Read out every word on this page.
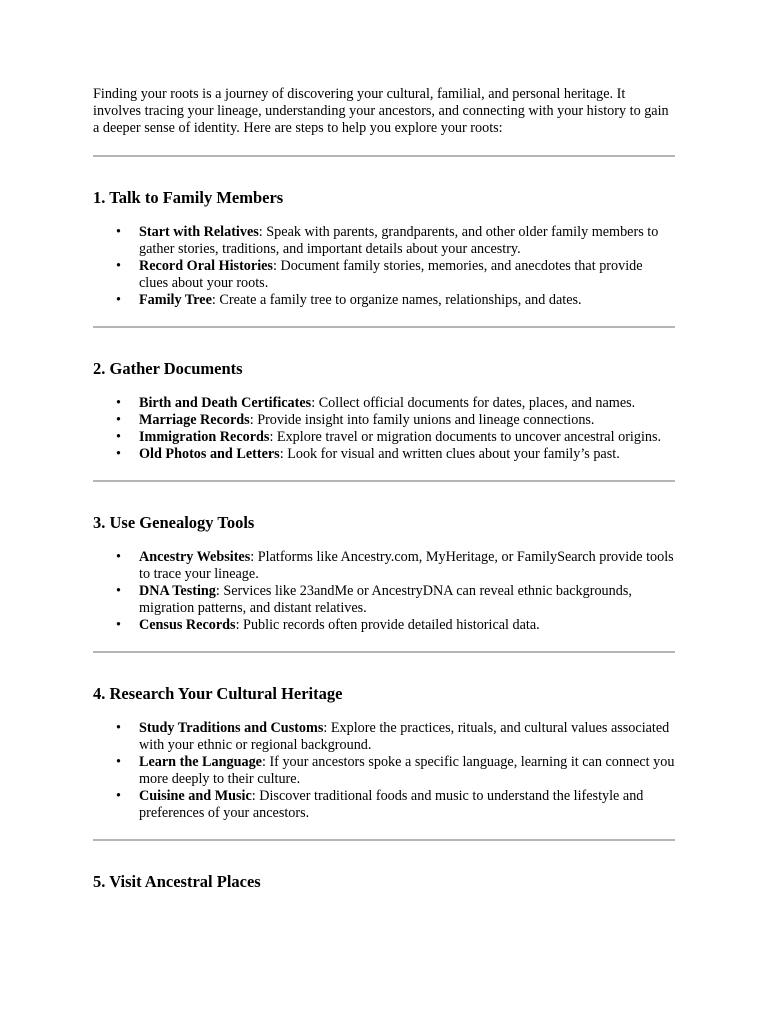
Finding your roots is a journey of discovering your cultural, familial, and personal heritage. It involves tracing your lineage, understanding your ancestors, and connecting with your history to gain a deeper sense of identity. Here are steps to help you explore your roots:

1. Talk to Family Members
• Start with Relatives: Speak with parents, grandparents, and other older family members to gather stories, traditions, and important details about your ancestry.
• Record Oral Histories: Document family stories, memories, and anecdotes that provide clues about your roots.
• Family Tree: Create a family tree to organize names, relationships, and dates.
2. Gather Documents
• Birth and Death Certificates: Collect official documents for dates, places, and names.
• Marriage Records: Provide insight into family unions and lineage connections.
• Immigration Records: Explore travel or migration documents to uncover ancestral origins.
• Old Photos and Letters: Look for visual and written clues about your family’s past.
3. Use Genealogy Tools
• Ancestry Websites: Platforms like Ancestry.com, MyHeritage, or FamilySearch provide tools to trace your lineage.
• DNA Testing: Services like 23andMe or AncestryDNA can reveal ethnic backgrounds, migration patterns, and distant relatives.
• Census Records: Public records often provide detailed historical data.
4. Research Your Cultural Heritage
• Study Traditions and Customs: Explore the practices, rituals, and cultural values associated with your ethnic or regional background.
• Learn the Language: If your ancestors spoke a specific language, learning it can connect you more deeply to their culture.
• Cuisine and Music: Discover traditional foods and music to understand the lifestyle and preferences of your ancestors.
5. Visit Ancestral Places
